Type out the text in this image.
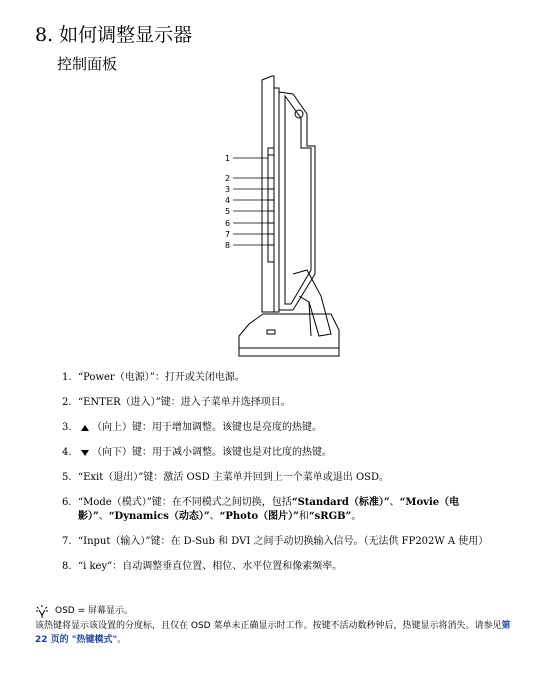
8. 如何调整显示器
控制面板
1
2
3
4
5
6
7
8
1. “Power（电源）”：打开或关闭电源。
2. “ENTER（进入）”键：进入子菜单并选择项目。
3.	（向上）键：用于增加调整。该键也是亮度的热键。
4.	（向下）键：用于减小调整。该键也是对比度的热键。
5. “Exit（退出）”键：激活 OSD 主菜单并回到上一个菜单或退出 OSD。
6. “Mode（模式）”键：在不同模式之间切换，包括“Standard（标准）”、“Movie（电影）”、“Dynamics（动态）”、“Photo（图片）”和“sRGB”。
7. “Input（输入）”键：在 D-Sub 和 DVI 之间手动切换输入信号。（无法供 FP202W A 使用）
8. “i key”：自动调整垂直位置、相位、水平位置和像素频率。
OSD = 屏幕显示。
该热键将显示该设置的分度标，且仅在 OSD 菜单未正确显示时工作。按键不活动数秒钟后，热键显示将消失。请参见第 22 页的 "热键模式"。
